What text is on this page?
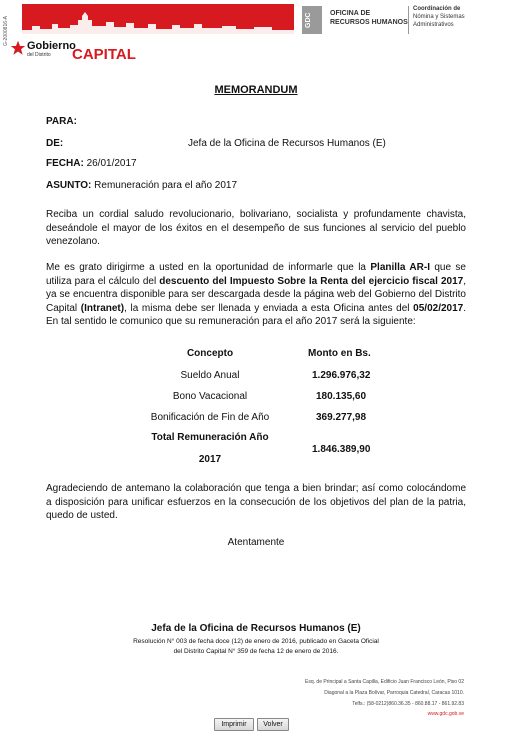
G-2000816-A Gobierno
del Distrito CAPITAL
GDC	OFICINA DE
RECURSOS HUMANOS
Coordinación de
Nómina y Sistemas
Administrativos
MEMORANDUM
PARA:
DE:	Jefa de la Oficina de Recursos Humanos (E)
FECHA: 26/01/2017
ASUNTO: Remuneración para el año 2017
Reciba un cordial saludo revolucionario, bolivariano, socialista y profundamente chavista, deseándole el mayor de los éxitos en el desempeño de sus funciones al servicio del pueblo venezolano.
Me es grato dirigirme a usted en la oportunidad de informarle que la Planilla AR-I que se utiliza para el cálculo del descuento del Impuesto Sobre la Renta del ejercicio fiscal 2017, ya se encuentra disponible para ser descargada desde la página web del Gobierno del Distrito Capital (Intranet), la misma debe ser llenada y enviada a esta Oficina antes del 05/02/2017. En tal sentido le comunico que su remuneración para el año 2017 será la siguiente:
Concepto	Monto en Bs.
Sueldo Anual	1.296.976,32
Bono Vacacional	180.135,60
Bonificación de Fin de Año	369.277,98
Total Remuneración Año
2017
1.846.389,90
Agradeciendo de antemano la colaboración que tenga a bien brindar; así como colocándome a disposición para unificar esfuerzos en la consecución de los objetivos del plan de la patria, quedo de usted.
Atentamente
Jefa de la Oficina de Recursos Humanos (E)
Resolución N° 003 de fecha doce (12) de enero de 2016, publicado en Gaceta Oficial
del Distrito Capital N° 359 de fecha 12 de enero de 2016.
Esq. de Principal a Santa Capilla, Edificio Juan Francisco León, Piso 02
Diagonal a la Plaza Bolívar, Parroquia Catedral, Caracas 1010.
Telfs.: (58-0212)860.36.35 - 860.88.17 - 861.92.83
www.gdc.gob.ve
Imprimir	Volver
